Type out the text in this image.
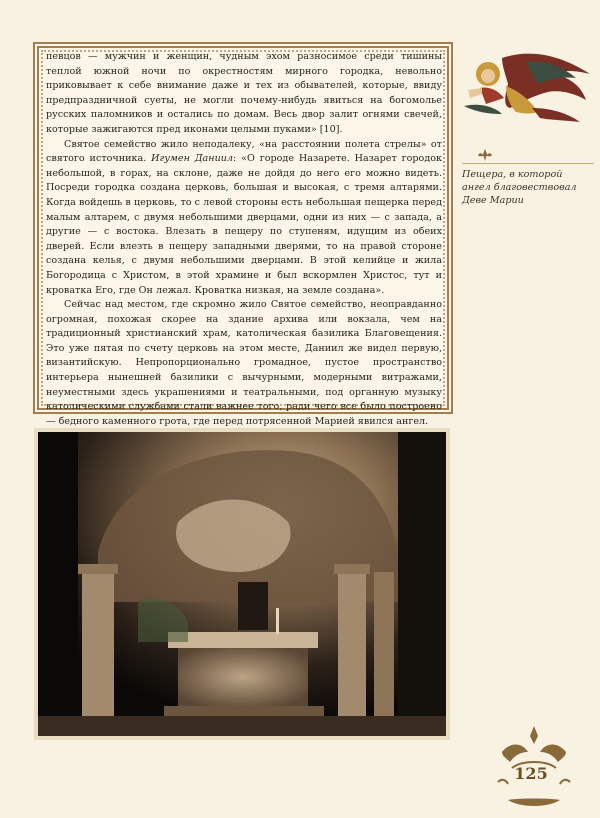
певцов — мужчин и женщин, чудным эхом разносимое среди тишины теплой южной ночи по окрестностям мирного городка, невольно приковывает к себе внимание даже и тех из обывателей, которые, ввиду предпраздничной суеты, не могли почему-нибудь явиться на богомолье русских паломников и остались по домам. Весь двор залит огнями свечей, которые зажигаются пред иконами целыми пуками» [10].

Святое семейство жило неподалеку, «на расстоянии полета стрелы» от святого источника. Игумен Даниил: «О городе Назарете. Назарет городок небольшой, в горах, на склоне, даже не дойдя до него его можно видеть. Посреди городка создана церковь, большая и высокая, с тремя алтарями. Когда войдешь в церковь, то с левой стороны есть небольшая пещерка перед малым алтарем, с двумя небольшими дверцами, одни из них — с запада, а другие — с востока. Влезать в пещеру по ступеням, идущим из обеих дверей. Если влезть в пещеру западными дверями, то на правой стороне создана келья, с двумя небольшими дверцами. В этой келийце и жила Богородица с Христом, в этой храмине и был вскормлен Христос, тут и кроватка Его, где Он лежал. Кроватка низкая, на земле создана».

Сейчас над местом, где скромно жило Святое семейство, неоправданно огромная, похожая скорее на здание архива или вокзала, чем на традиционный христианский храм, католическая базилика Благовещения. Это уже пятая по счету церковь на этом месте, Даниил же видел первую, византийскую. Непропорционально громадное, пустое пространство интерьера нынешней базилики с вычурными, модерными витражами, неуместными здесь украшениями и театральными, под органную музыку католическими службами стали важнее того, ради чего все было построено — бедного каменного грота, где перед потрясенной Марией явился ангел.

Пещера, в которой ангел благовествовал Деве Марии
125
